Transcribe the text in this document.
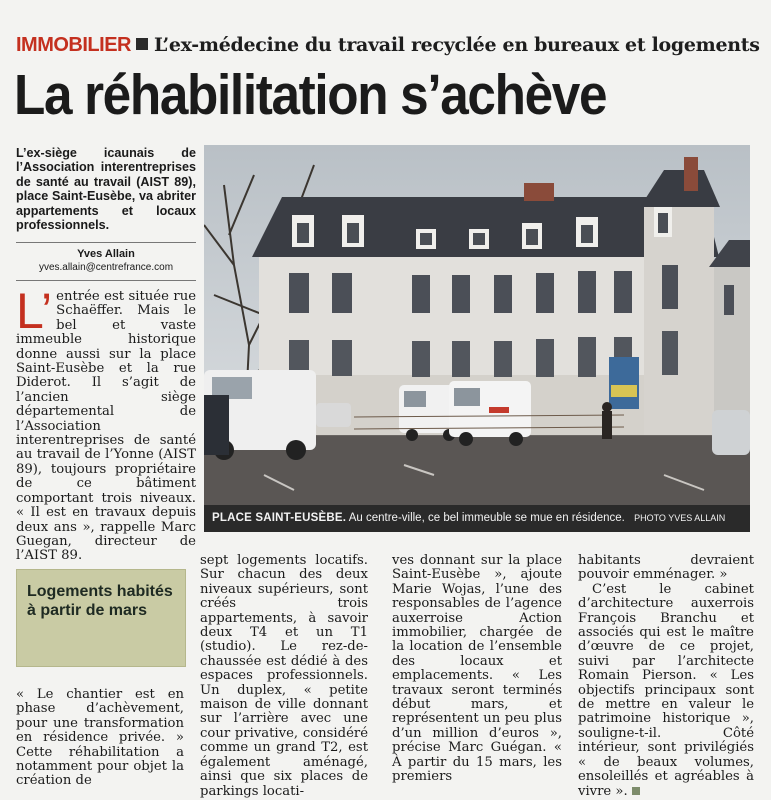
IMMOBILIER L’ex-médecine du travail recyclée en bureaux et logements
La réhabilitation s’achève
L’ex-siège icaunais de l’Association interentreprises de santé au travail (AIST 89), place Saint-Eusèbe, va abriter appartements et locaux professionnels.
Yves Allain
yves.allain@centrefrance.com
L’ entrée est située rue Schaëffer. Mais le bel et vaste immeuble historique donne aussi sur la place Saint-Eusèbe et la rue Diderot. Il s’agit de l’ancien siège départemental de l’Association interentreprises de santé au travail de l’Yonne (AIST 89), toujours propriétaire de ce bâtiment comportant trois niveaux. « Il est en travaux depuis deux ans », rappelle Marc Guegan, directeur de l’AIST 89.
PLACE SAINT-EUSÈBE. Au centre-ville, ce bel immeuble se mue en résidence. PHOTO YVES ALLAIN
Logements habités à partir de mars
« Le chantier est en phase d’achèvement, pour une transformation en résidence privée. » Cette réhabilitation a notamment pour objet la création de
sept logements locatifs. Sur chacun des deux niveaux supérieurs, sont créés trois appartements, à savoir deux T4 et un T1 (studio). Le rez-de-chaussée est dédié à des espaces professionnels. Un duplex, « petite maison de ville donnant sur l’arrière avec une cour privative, considéré comme un grand T2, est également aménagé, ainsi que six places de parkings locati-
ves donnant sur la place Saint-Eusèbe », ajoute Marie Wojas, l’une des responsables de l’agence auxerroise Action immobilier, chargée de la location de l’ensemble des locaux et emplacements. « Les travaux seront terminés début mars, et représentent un peu plus d’un million d’euros », précise Marc Guégan. « À partir du 15 mars, les premiers
habitants devraient pouvoir emménager. »
C’est le cabinet d’architecture auxerrois François Branchu et associés qui est le maître d’œuvre de ce projet, suivi par l’architecte Romain Pierson. « Les objectifs principaux sont de mettre en valeur le patrimoine historique », souligne-t-il. Côté intérieur, sont privilégiés « de beaux volumes, ensoleillés et agréables à vivre ».
